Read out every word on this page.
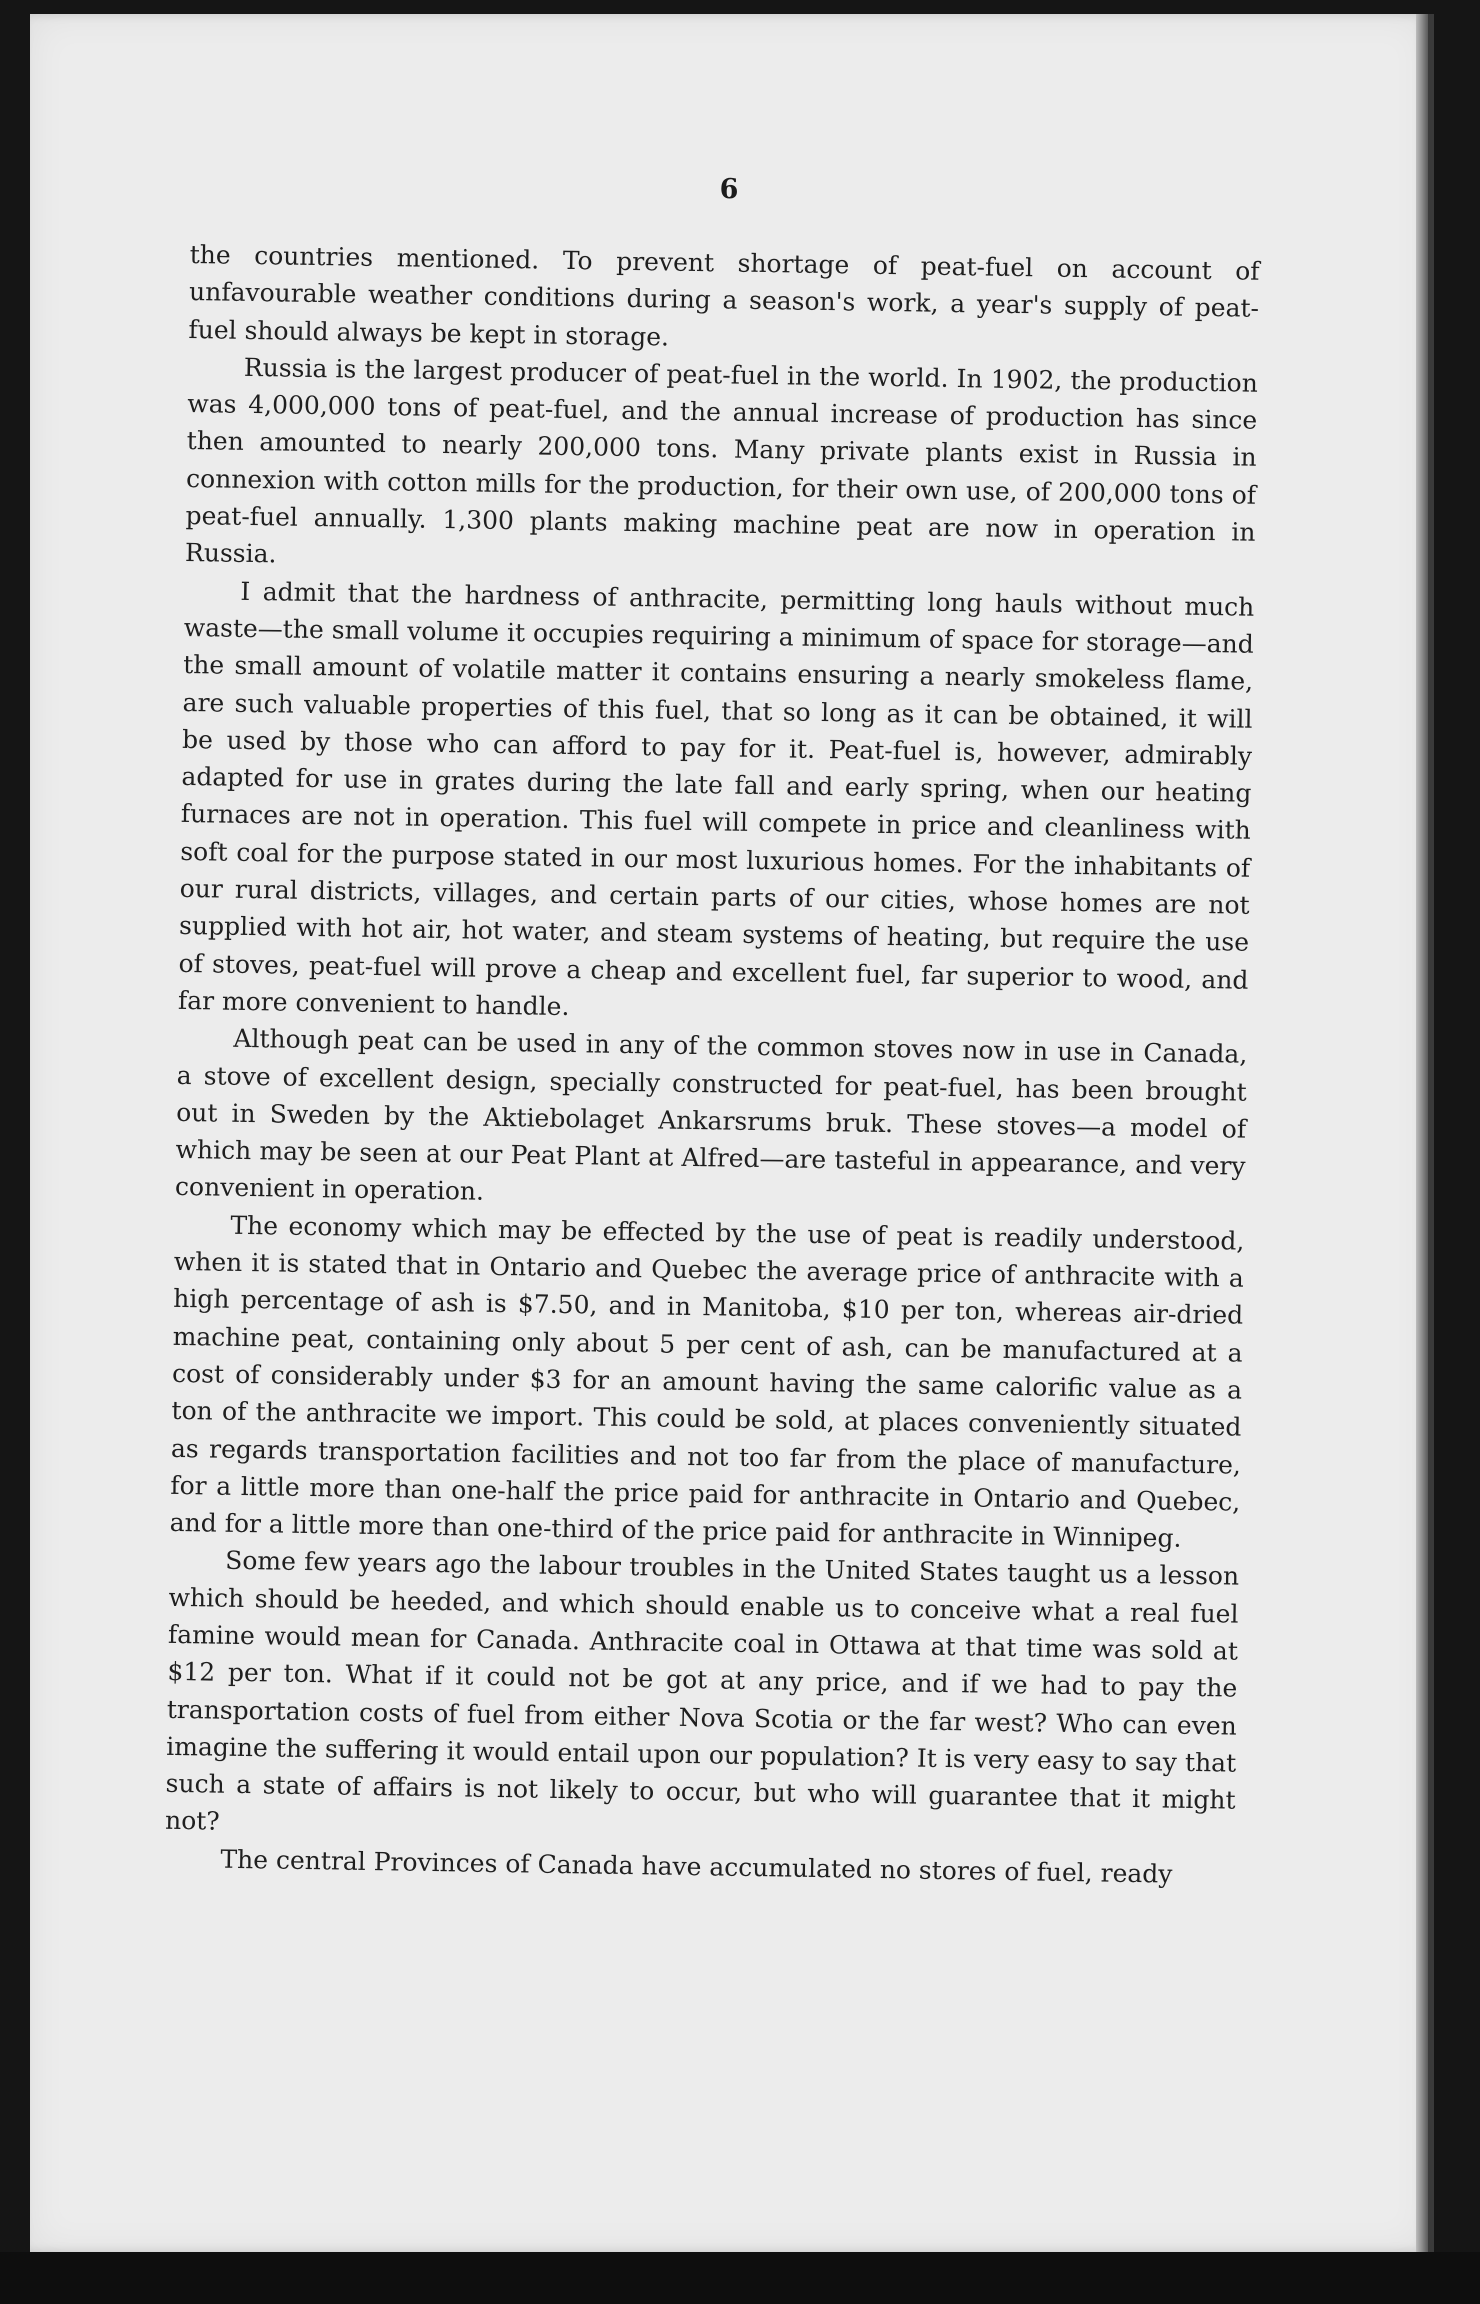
6

the countries mentioned. To prevent shortage of peat-fuel on account of unfavourable weather conditions during a season's work, a year's supply of peat-fuel should always be kept in storage.

Russia is the largest producer of peat-fuel in the world. In 1902, the production was 4,000,000 tons of peat-fuel, and the annual increase of production has since then amounted to nearly 200,000 tons. Many private plants exist in Russia in connexion with cotton mills for the production, for their own use, of 200,000 tons of peat-fuel annually. 1,300 plants making machine peat are now in operation in Russia.

I admit that the hardness of anthracite, permitting long hauls without much waste—the small volume it occupies requiring a minimum of space for storage—and the small amount of volatile matter it contains ensuring a nearly smokeless flame, are such valuable properties of this fuel, that so long as it can be obtained, it will be used by those who can afford to pay for it. Peat-fuel is, however, admirably adapted for use in grates during the late fall and early spring, when our heating furnaces are not in operation. This fuel will compete in price and cleanliness with soft coal for the purpose stated in our most luxurious homes. For the inhabitants of our rural districts, villages, and certain parts of our cities, whose homes are not supplied with hot air, hot water, and steam systems of heating, but require the use of stoves, peat-fuel will prove a cheap and excellent fuel, far superior to wood, and far more convenient to handle.

Although peat can be used in any of the common stoves now in use in Canada, a stove of excellent design, specially constructed for peat-fuel, has been brought out in Sweden by the Aktiebolaget Ankarsrums bruk. These stoves—a model of which may be seen at our Peat Plant at Alfred—are tasteful in appearance, and very convenient in operation.

The economy which may be effected by the use of peat is readily understood, when it is stated that in Ontario and Quebec the average price of anthracite with a high percentage of ash is $7.50, and in Manitoba, $10 per ton, whereas air-dried machine peat, containing only about 5 per cent of ash, can be manufactured at a cost of considerably under $3 for an amount having the same calorific value as a ton of the anthracite we import. This could be sold, at places conveniently situated as regards transportation facilities and not too far from the place of manufacture, for a little more than one-half the price paid for anthracite in Ontario and Quebec, and for a little more than one-third of the price paid for anthracite in Winnipeg.

Some few years ago the labour troubles in the United States taught us a lesson which should be heeded, and which should enable us to conceive what a real fuel famine would mean for Canada. Anthracite coal in Ottawa at that time was sold at $12 per ton. What if it could not be got at any price, and if we had to pay the transportation costs of fuel from either Nova Scotia or the far west? Who can even imagine the suffering it would entail upon our population? It is very easy to say that such a state of affairs is not likely to occur, but who will guarantee that it might not?

The central Provinces of Canada have accumulated no stores of fuel, ready
